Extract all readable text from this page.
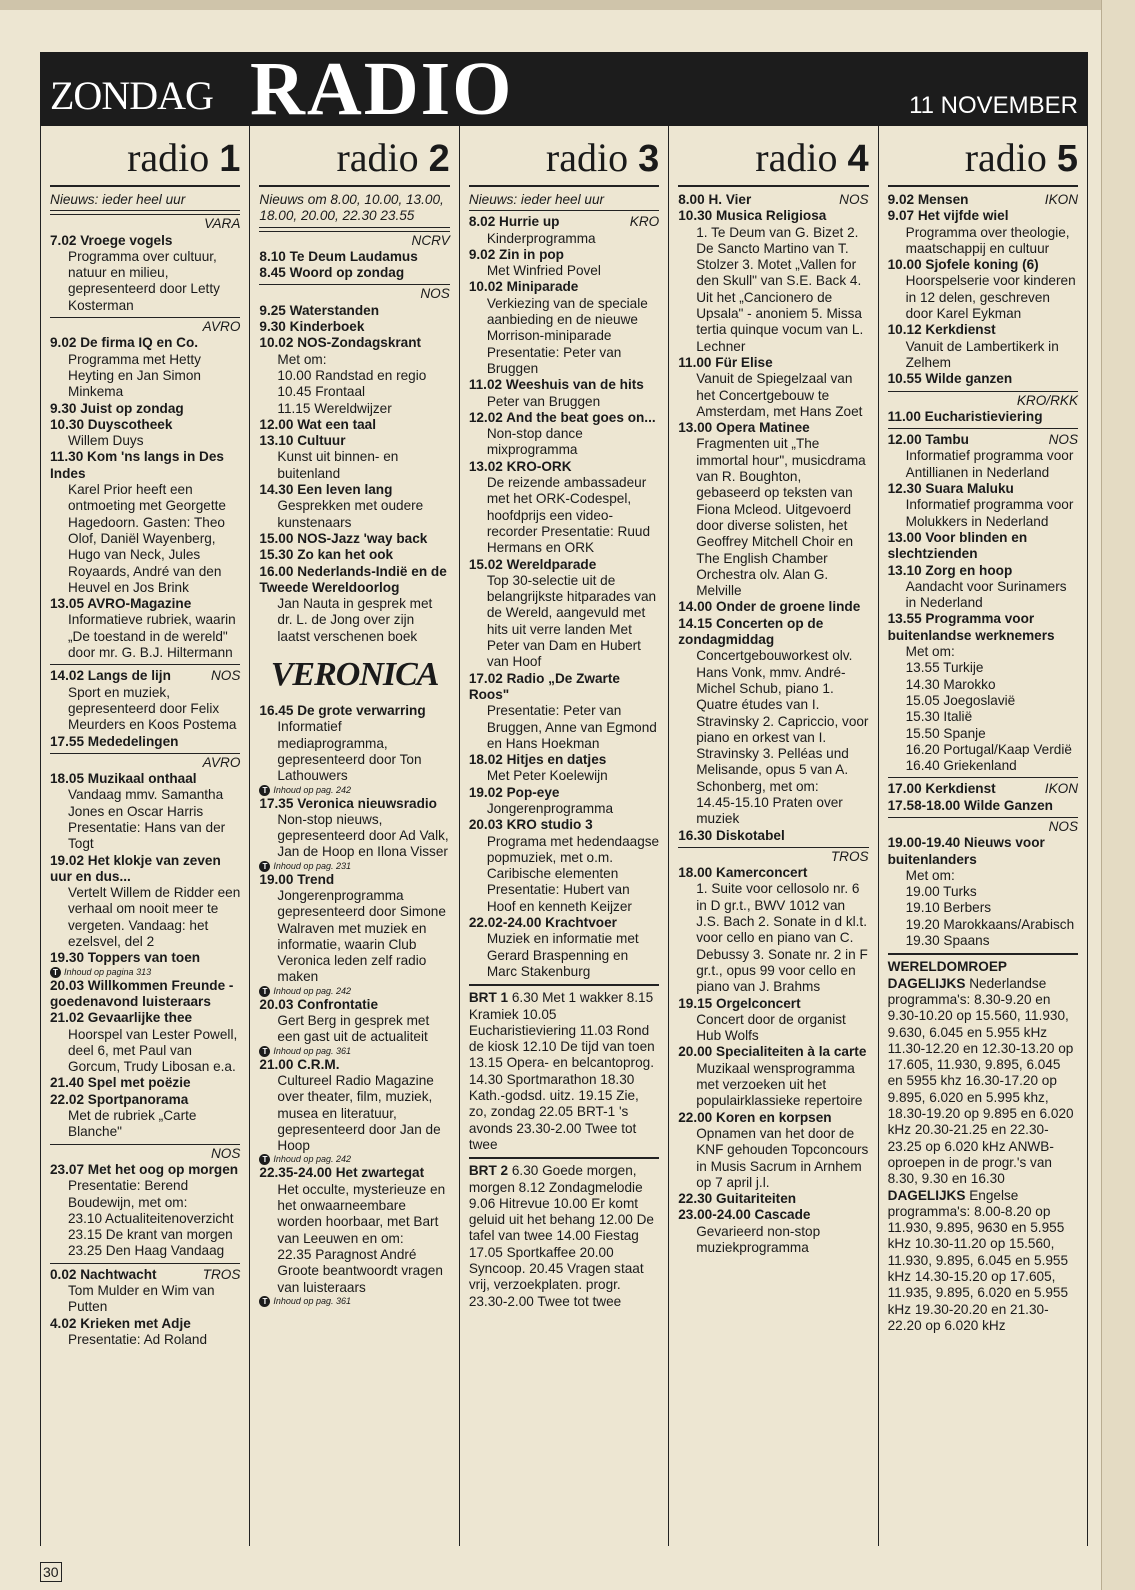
ZONDAG RADIO	11 NOVEMBER
radio 1
Nieuws: ieder heel uur
VARA
7.02 Vroege vogels
Programma over cultuur, natuur en milieu, gepresenteerd door Letty Kosterman
AVRO
9.02 De firma IQ en Co.
Programma met Hetty Heyting en Jan Simon Minkema
9.30 Juist op zondag
10.30 Duyscotheek
Willem Duys
11.30 Kom 'ns langs in Des Indes
Karel Prior heeft een ontmoeting met Georgette Hagedoorn. Gasten: Theo Olof, Daniël Wayenberg, Hugo van Neck, Jules Royaards, André van den Heuvel en Jos Brink
13.05 AVRO-Magazine
Informatieve rubriek, waarin „De toestand in de wereld" door mr. G. B.J. Hiltermann
NOS
14.02 Langs de lijn
Sport en muziek, gepresenteerd door Felix Meurders en Koos Postema
17.55 Mededelingen
AVRO
18.05 Muzikaal onthaal
Vandaag mmv. Samantha Jones en Oscar Harris Presentatie: Hans van der Togt
19.02 Het klokje van zeven uur en dus...
Vertelt Willem de Ridder een verhaal om nooit meer te vergeten. Vandaag: het ezelsvel, del 2
19.30 Toppers van toen
T Inhoud op pagina 313
20.03 Willkommen Freunde - goedenavond luisteraars
21.02 Gevaarlijke thee
Hoorspel van Lester Powell, deel 6, met Paul van Gorcum, Trudy Libosan e.a.
21.40 Spel met poëzie
22.02 Sportpanorama
Met de rubriek „Carte Blanche"
NOS
23.07 Met het oog op morgen
Presentatie: Berend Boudewijn, met om:
23.10 Actualiteitenoverzicht
23.15 De krant van morgen
23.25 Den Haag Vandaag
TROS
0.02 Nachtwacht
Tom Mulder en Wim van Putten
4.02 Krieken met Adje
Presentatie: Ad Roland
radio 2
Nieuws om 8.00, 10.00, 13.00, 18.00, 20.00, 22.30 23.55
NCRV
8.10 Te Deum Laudamus
8.45 Woord op zondag
NOS
9.25 Waterstanden
9.30 Kinderboek
10.02 NOS-Zondagskrant
Met om:
10.00 Randstad en regio
10.45 Frontaal
11.15 Wereldwijzer
12.00 Wat een taal
13.10 Cultuur
Kunst uit binnen- en buitenland
14.30 Een leven lang
Gesprekken met oudere kunstenaars
15.00 NOS-Jazz 'way back
15.30 Zo kan het ook
16.00 Nederlands-Indië en de Tweede Wereldoorlog
Jan Nauta in gesprek met dr. L. de Jong over zijn laatst verschenen boek
VERONICA
16.45 De grote verwarring
Informatief mediaprogramma, gepresenteerd door Ton Lathouwers
T Inhoud op pag. 242
17.35 Veronica nieuwsradio
Non-stop nieuws, gepresenteerd door Ad Valk, Jan de Hoop en Ilona Visser
T Inhoud op pag. 231
19.00 Trend
Jongerenprogramma gepresenteerd door Simone Walraven met muziek en informatie, waarin Club Veronica leden zelf radio maken
T Inhoud op pag. 242
20.03 Confrontatie
Gert Berg in gesprek met een gast uit de actualiteit
T Inhoud op pag. 361
21.00 C.R.M.
Cultureel Radio Magazine over theater, film, muziek, musea en literatuur, gepresenteerd door Jan de Hoop
T Inhoud op pag. 242
22.35-24.00 Het zwartegat
Het occulte, mysterieuze en het onwaarneembare worden hoorbaar, met Bart van Leeuwen en om:
22.35 Paragnost André Groote beantwoordt vragen van luisteraars
T Inhoud op pag. 361
radio 3
Nieuws: ieder heel uur
KRO
8.02 Hurrie up
Kinderprogramma
9.02 Zin in pop
Met Winfried Povel
10.02 Miniparade
Verkiezing van de speciale aanbieding en de nieuwe Morrison-miniparade Presentatie: Peter van Bruggen
11.02 Weeshuis van de hits
Peter van Bruggen
12.02 And the beat goes on...
Non-stop dance mixprogramma
13.02 KRO-ORK
De reizende ambassadeur met het ORK-Codespel, hoofdprijs een video-recorder Presentatie: Ruud Hermans en ORK
15.02 Wereldparade
Top 30-selectie uit de belangrijkste hitparades van de Wereld, aangevuld met hits uit verre landen Met Peter van Dam en Hubert van Hoof
17.02 Radio „De Zwarte Roos"
Presentatie: Peter van Bruggen, Anne van Egmond en Hans Hoekman
18.02 Hitjes en datjes
Met Peter Koelewijn
19.02 Pop-eye
Jongerenprogramma
20.03 KRO studio 3
Programa met hedendaagse popmuziek, met o.m. Caribische elementen Presentatie: Hubert van Hoof en kenneth Keijzer
22.02-24.00 Krachtvoer
Muziek en informatie met Gerard Braspenning en Marc Stakenburg
BRT 1 6.30 Met 1 wakker 8.15 Kramiek 10.05 Eucharistieviering 11.03 Rond de kiosk 12.10 De tijd van toen 13.15 Opera- en belcantoprog. 14.30 Sportmarathon 18.30 Kath.-godsd. uitz. 19.15 Zie, zo, zondag 22.05 BRT-1 's avonds 23.30-2.00 Twee tot twee
BRT 2 6.30 Goede morgen, morgen 8.12 Zondagmelodie 9.06 Hitrevue 10.00 Er komt geluid uit het behang 12.00 De tafel van twee 14.00 Fiestag 17.05 Sportkaffee 20.00 Syncoop. 20.45 Vragen staat vrij, verzoekplaten. progr. 23.30-2.00 Twee tot twee
radio 4
NOS
8.00 H. Vier
10.30 Musica Religiosa
1. Te Deum van G. Bizet 2. De Sancto Martino van T. Stolzer 3. Motet „Vallen for den Skull" van S.E. Back 4. Uit het „Cancionero de Upsala" - anoniem 5. Missa tertia quinque vocum van L. Lechner
11.00 Für Elise
Vanuit de Spiegelzaal van het Concertgebouw te Amsterdam, met Hans Zoet
13.00 Opera Matinee
Fragmenten uit „The immortal hour", musicdrama van R. Boughton, gebaseerd op teksten van Fiona Mcleod. Uitgevoerd door diverse solisten, het Geoffrey Mitchell Choir en The English Chamber Orchestra olv. Alan G. Melville
14.00 Onder de groene linde
14.15 Concerten op de zondagmiddag
Concertgebouworkest olv. Hans Vonk, mmv. André-Michel Schub, piano 1. Quatre études van I. Stravinsky 2. Capriccio, voor piano en orkest van I. Stravinsky 3. Pelléas und Melisande, opus 5 van A. Schonberg, met om:
14.45-15.10 Praten over muziek
16.30 Diskotabel
TROS
18.00 Kamerconcert
1. Suite voor cellosolo nr. 6 in D gr.t., BWV 1012 van J.S. Bach 2. Sonate in d kl.t. voor cello en piano van C. Debussy 3. Sonate nr. 2 in F gr.t., opus 99 voor cello en piano van J. Brahms
19.15 Orgelconcert
Concert door de organist Hub Wolfs
20.00 Specialiteiten à la carte
Muzikaal wensprogramma met verzoeken uit het populairklassieke repertoire
22.00 Koren en korpsen
Opnamen van het door de KNF gehouden Topconcours in Musis Sacrum in Arnhem op 7 april j.l.
22.30 Guitariteiten
23.00-24.00 Cascade
Gevarieerd non-stop muziekprogramma
radio 5
IKON
9.02 Mensen
9.07 Het vijfde wiel
Programma over theologie, maatschappij en cultuur
10.00 Sjofele koning (6)
Hoorspelserie voor kinderen in 12 delen, geschreven door Karel Eykman
10.12 Kerkdienst
Vanuit de Lambertikerk in Zelhem
10.55 Wilde ganzen
KRO/RKK
11.00 Eucharistieviering
NOS
12.00 Tambu
Informatief programma voor Antillianen in Nederland
12.30 Suara Maluku
Informatief programma voor Molukkers in Nederland
13.00 Voor blinden en slechtzienden
13.10 Zorg en hoop
Aandacht voor Surinamers in Nederland
13.55 Programma voor buitenlandse werknemers
Met om:
13.55 Turkije
14.30 Marokko
15.05 Joegoslavië
15.30 Italië
15.50 Spanje
16.20 Portugal/Kaap Verdië
16.40 Griekenland
IKON
17.00 Kerkdienst
17.58-18.00 Wilde Ganzen
NOS
19.00-19.40 Nieuws voor buitenlanders
Met om:
19.00 Turks
19.10 Berbers
19.20 Marokkaans/Arabisch
19.30 Spaans
WERELDOMROEP DAGELIJKS Nederlandse programma's: 8.30-9.20 en 9.30-10.20 op 15.560, 11.930, 9.630, 6.045 en 5.955 kHz 11.30-12.20 en 12.30-13.20 op 17.605, 11.930, 9.895, 6.045 en 5955 khz 16.30-17.20 op 9.895, 6.020 en 5.995 khz, 18.30-19.20 op 9.895 en 6.020 kHz 20.30-21.25 en 22.30-23.25 op 6.020 kHz ANWB-oproepen in de progr.'s van 8.30, 9.30 en 16.30
DAGELIJKS Engelse programma's: 8.00-8.20 op 11.930, 9.895, 9630 en 5.955 kHz 10.30-11.20 op 15.560, 11.930, 9.895, 6.045 en 5.955 kHz 14.30-15.20 op 17.605, 11.935, 9.895, 6.020 en 5.955 kHz 19.30-20.20 en 21.30-22.20 op 6.020 kHz
30
